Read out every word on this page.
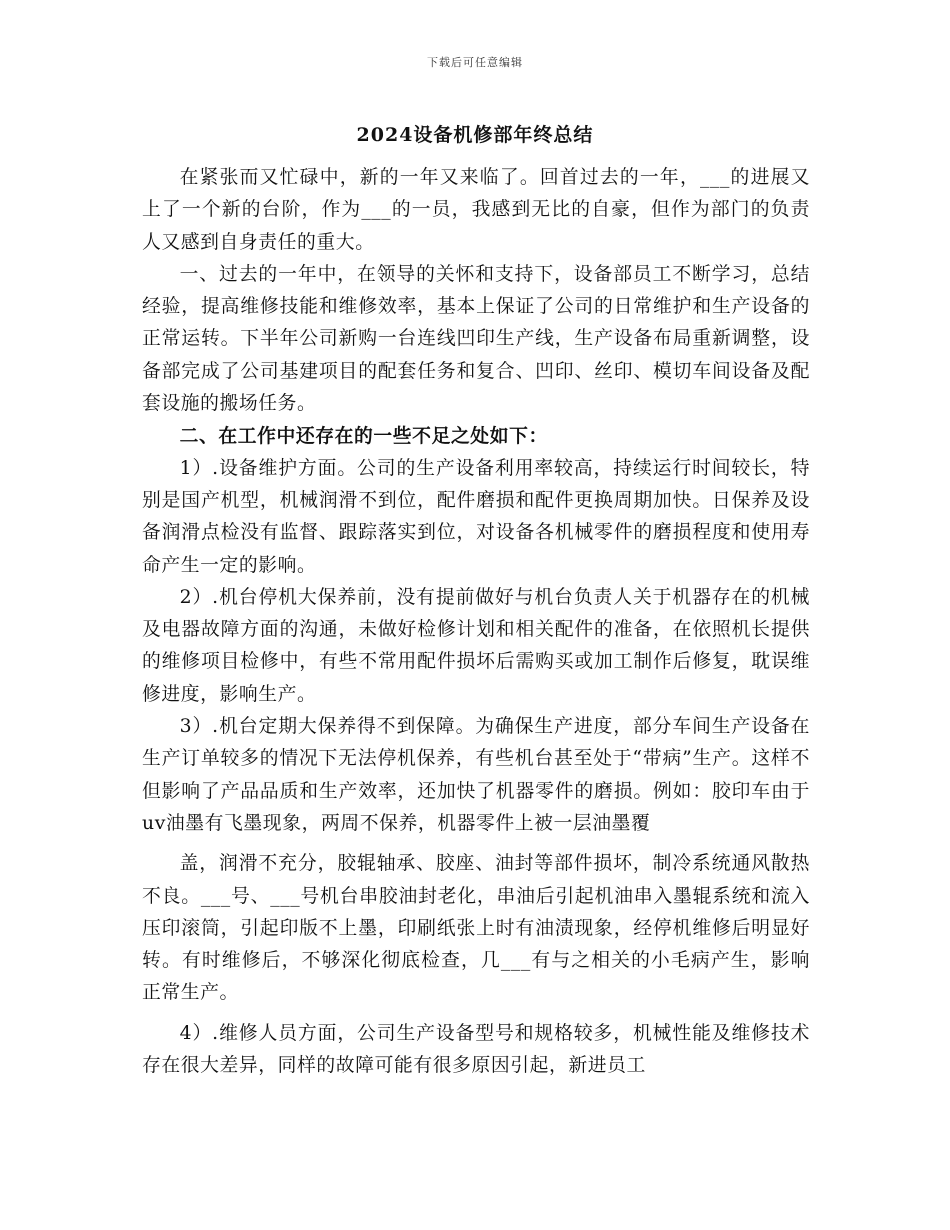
下载后可任意编辑
2024设备机修部年终总结

在紧张而又忙碌中，新的一年又来临了。回首过去的一年，___的进展又上了一个新的台阶，作为___的一员，我感到无比的自豪，但作为部门的负责人又感到自身责任的重大。

一、过去的一年中，在领导的关怀和支持下，设备部员工不断学习，总结经验，提高维修技能和维修效率，基本上保证了公司的日常维护和生产设备的正常运转。下半年公司新购一台连线凹印生产线，生产设备布局重新调整，设备部完成了公司基建项目的配套任务和复合、凹印、丝印、模切车间设备及配套设施的搬场任务。

二、在工作中还存在的一些不足之处如下：

1）.设备维护方面。公司的生产设备利用率较高，持续运行时间较长，特别是国产机型，机械润滑不到位，配件磨损和配件更换周期加快。日保养及设备润滑点检没有监督、跟踪落实到位，对设备各机械零件的磨损程度和使用寿命产生一定的影响。

2）.机台停机大保养前，没有提前做好与机台负责人关于机器存在的机械及电器故障方面的沟通，未做好检修计划和相关配件的准备，在依照机长提供的维修项目检修中，有些不常用配件损坏后需购买或加工制作后修复，耽误维修进度，影响生产。

3）.机台定期大保养得不到保障。为确保生产进度，部分车间生产设备在生产订单较多的情况下无法停机保养，有些机台甚至处于“带病”生产。这样不但影响了产品品质和生产效率，还加快了机器零件的磨损。例如：胶印车由于uv油墨有飞墨现象，两周不保养，机器零件上被一层油墨覆

盖，润滑不充分，胶辊轴承、胶座、油封等部件损坏，制冷系统通风散热不良。___号、___号机台串胶油封老化，串油后引起机油串入墨辊系统和流入压印滚筒，引起印版不上墨，印刷纸张上时有油渍现象，经停机维修后明显好转。有时维修后，不够深化彻底检查，几___有与之相关的小毛病产生，影响正常生产。

4）.维修人员方面，公司生产设备型号和规格较多，机械性能及维修技术存在很大差异，同样的故障可能有很多原因引起，新进员工
